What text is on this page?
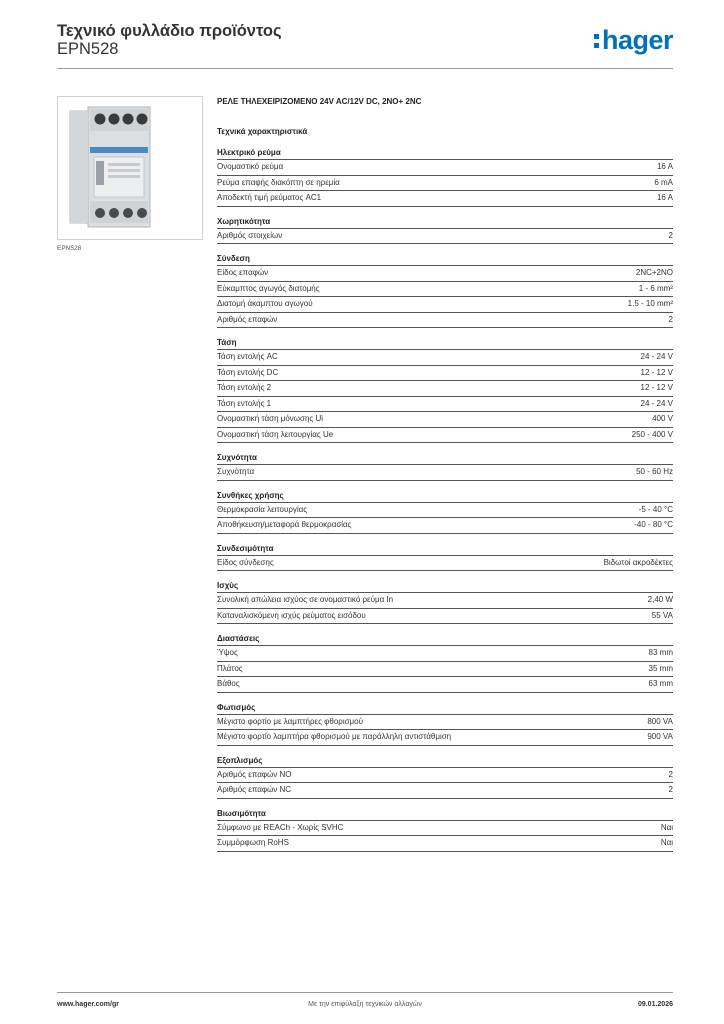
Τεχνικό φυλλάδιο προϊόντος
EPN528	hager
EPN528
ΡΕΛΕ ΤΗΛΕΧΕΙΡΙΖΟΜΕΝΟ 24V AC/12V DC, 2NO+ 2NC
Τεχνικά χαρακτηριστικά
Ηλεκτρικό ρεύμα
Ονομαστικό ρεύμα	16 A
Ρεύμα επαφής διακόπτη σε ηρεμία	6 mA
Αποδεκτή τιμή ρεύματος AC1	16 A
Χωρητικότητα
Αριθμός στοιχείων	2
Σύνδεση
Είδος επαφών	2NC+2NO
Εύκαμπτος αγωγός διατομής	1 - 6 mm²
Διατομή άκαμπτου αγωγού	1.5 - 10 mm²
Αριθμός επαφών	2
Τάση
Τάση εντολής AC	24 - 24 V
Τάση εντολής DC	12 - 12 V
Τάση εντολής 2	12 - 12 V
Τάση εντολής 1	24 - 24 V
Ονομαστική τάση μόνωσης Ui	400 V
Ονομαστική τάση λειτουργίας Ue	250 - 400 V
Συχνότητα
Συχνότητα	50 - 60 Hz
Συνθήκες χρήσης
Θερμοκρασία λειτουργίας	-5 - 40 °C
Αποθήκευση/μεταφορά θερμοκρασίας	-40 - 80 °C
Συνδεσιμότητα
Είδος σύνδεσης	Βιδωτοί ακροδέκτες
Ισχύς
Συνολική απώλεια ισχύος σε ονομαστικό ρεύμα In	2,40 W
Καταναλισκόμενη ισχύς ρεύματος εισόδου	55 VA
Διαστάσεις
Ύψος	83 mm
Πλάτος	35 mm
Βάθος	63 mm
Φωτισμός
Μέγιστο φορτίο με λαμπτήρες φθορισμού	800 VA
Μέγιστο φορτίο λαμπτήρα φθορισμού με παράλληλη αντιστάθμιση	900 VA
Εξοπλισμός
Αριθμός επαφών NO	2
Αριθμός επαφών NC	2
Βιωσιμότητα
Σύμφωνο με REACh - Χωρίς SVHC	Ναι
Συμμόρφωση RoHS	Ναι
www.hager.com/gr	Με την επιφύλαξη τεχνικών αλλαγών	09.01.2026
